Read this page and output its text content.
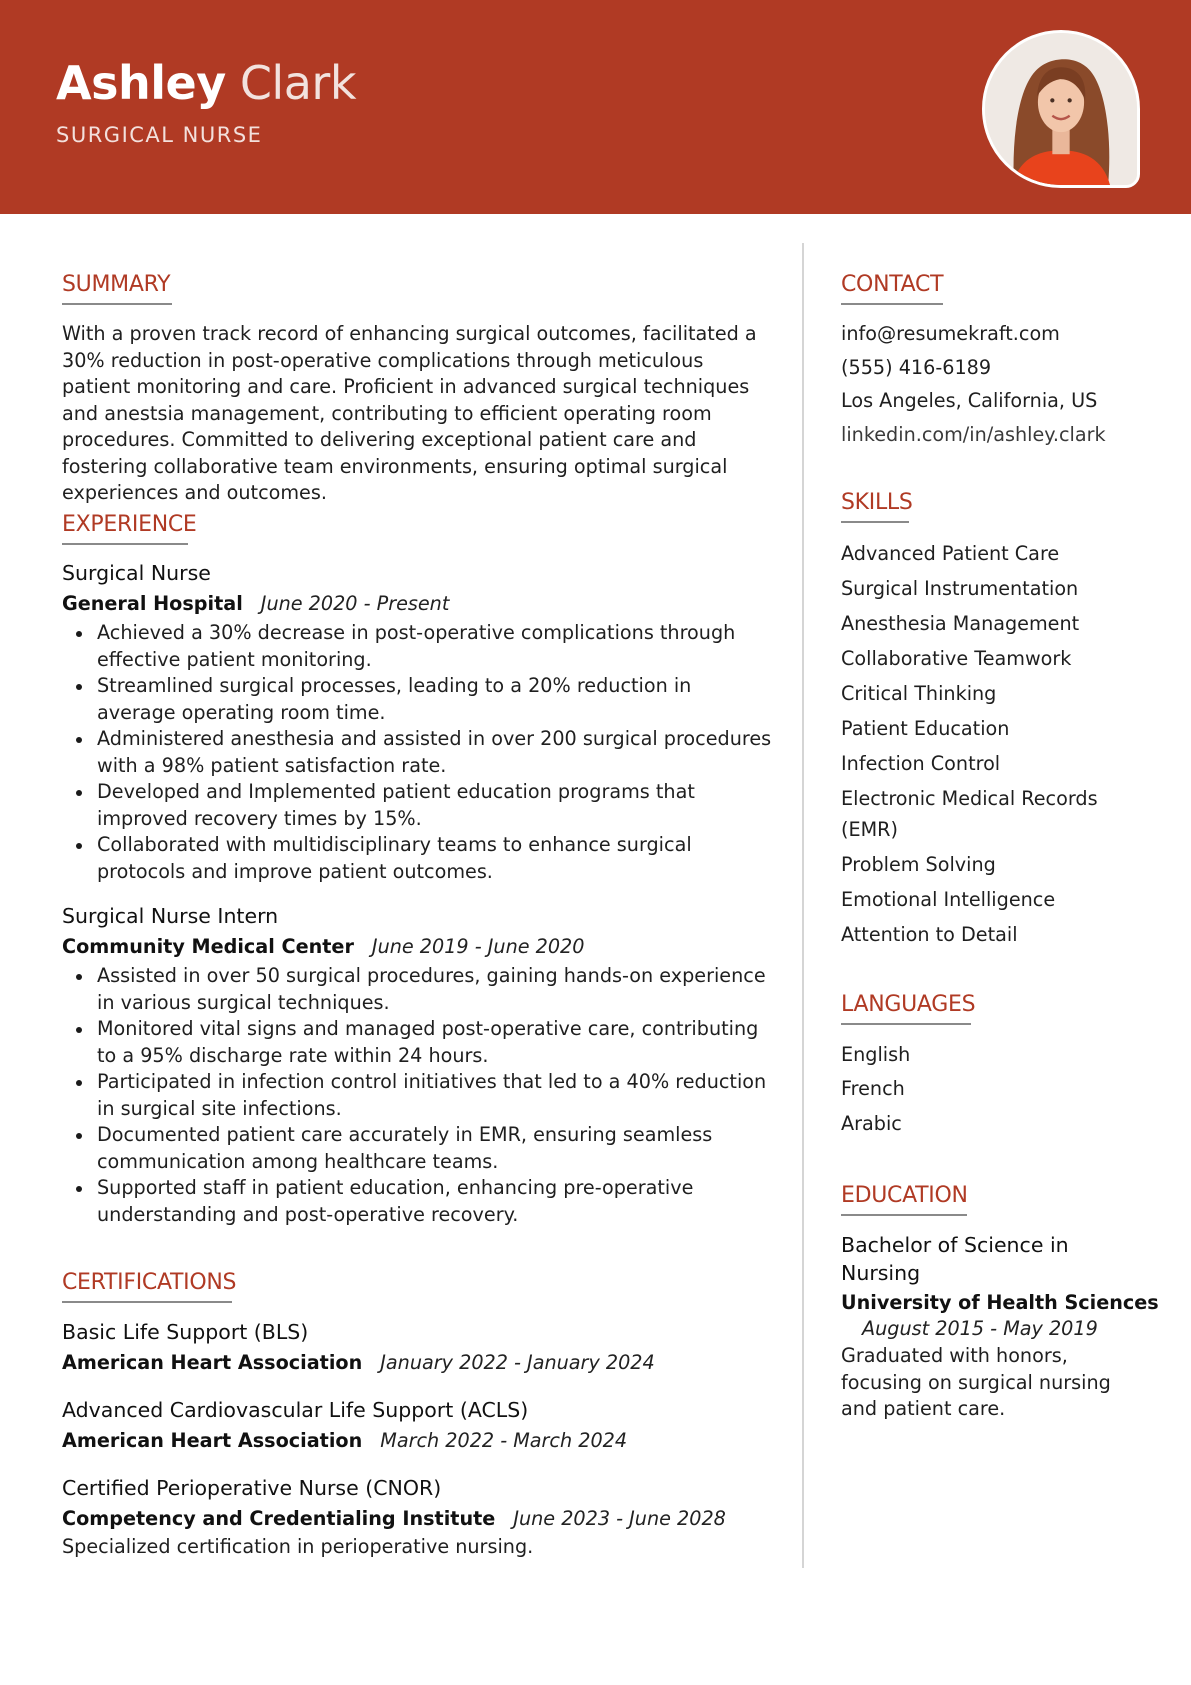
Ashley Clark
SURGICAL NURSE
SUMMARY

With a proven track record of enhancing surgical outcomes, facilitated a 30% reduction in post-operative complications through meticulous patient monitoring and care. Proficient in advanced surgical techniques and anestsia management, contributing to efficient operating room procedures. Committed to delivering exceptional patient care and fostering collaborative team environments, ensuring optimal surgical experiences and outcomes.

EXPERIENCE
Surgical Nurse
General Hospital June 2020 - Present
Achieved a 30% decrease in post-operative complications through effective patient monitoring.
Streamlined surgical processes, leading to a 20% reduction in average operating room time.
Administered anesthesia and assisted in over 200 surgical procedures with a 98% patient satisfaction rate.
Developed and Implemented patient education programs that improved recovery times by 15%.
Collaborated with multidisciplinary teams to enhance surgical protocols and improve patient outcomes.
Surgical Nurse Intern
Community Medical Center June 2019 - June 2020
Assisted in over 50 surgical procedures, gaining hands-on experience in various surgical techniques.
Monitored vital signs and managed post-operative care, contributing to a 95% discharge rate within 24 hours.
Participated in infection control initiatives that led to a 40% reduction in surgical site infections.
Documented patient care accurately in EMR, ensuring seamless communication among healthcare teams.
Supported staff in patient education, enhancing pre-operative understanding and post-operative recovery.
CERTIFICATIONS
Basic Life Support (BLS)
American Heart Association January 2022 - January 2024
Advanced Cardiovascular Life Support (ACLS)
American Heart Association March 2022 - March 2024
Certified Perioperative Nurse (CNOR)
Competency and Credentialing Institute June 2023 - June 2028

Specialized certification in perioperative nursing.

CONTACT
info@resumekraft.com
(555) 416-6189
Los Angeles, California, US
linkedin.com/in/ashley.clark
SKILLS
Advanced Patient Care
Surgical Instrumentation
Anesthesia Management
Collaborative Teamwork
Critical Thinking
Patient Education
Infection Control
Electronic Medical Records (EMR)
Problem Solving
Emotional Intelligence
Attention to Detail
LANGUAGES
English
French
Arabic
EDUCATION
Bachelor of Science in Nursing
University of Health Sciences
August 2015 - May 2019

Graduated with honors, focusing on surgical nursing and patient care.
